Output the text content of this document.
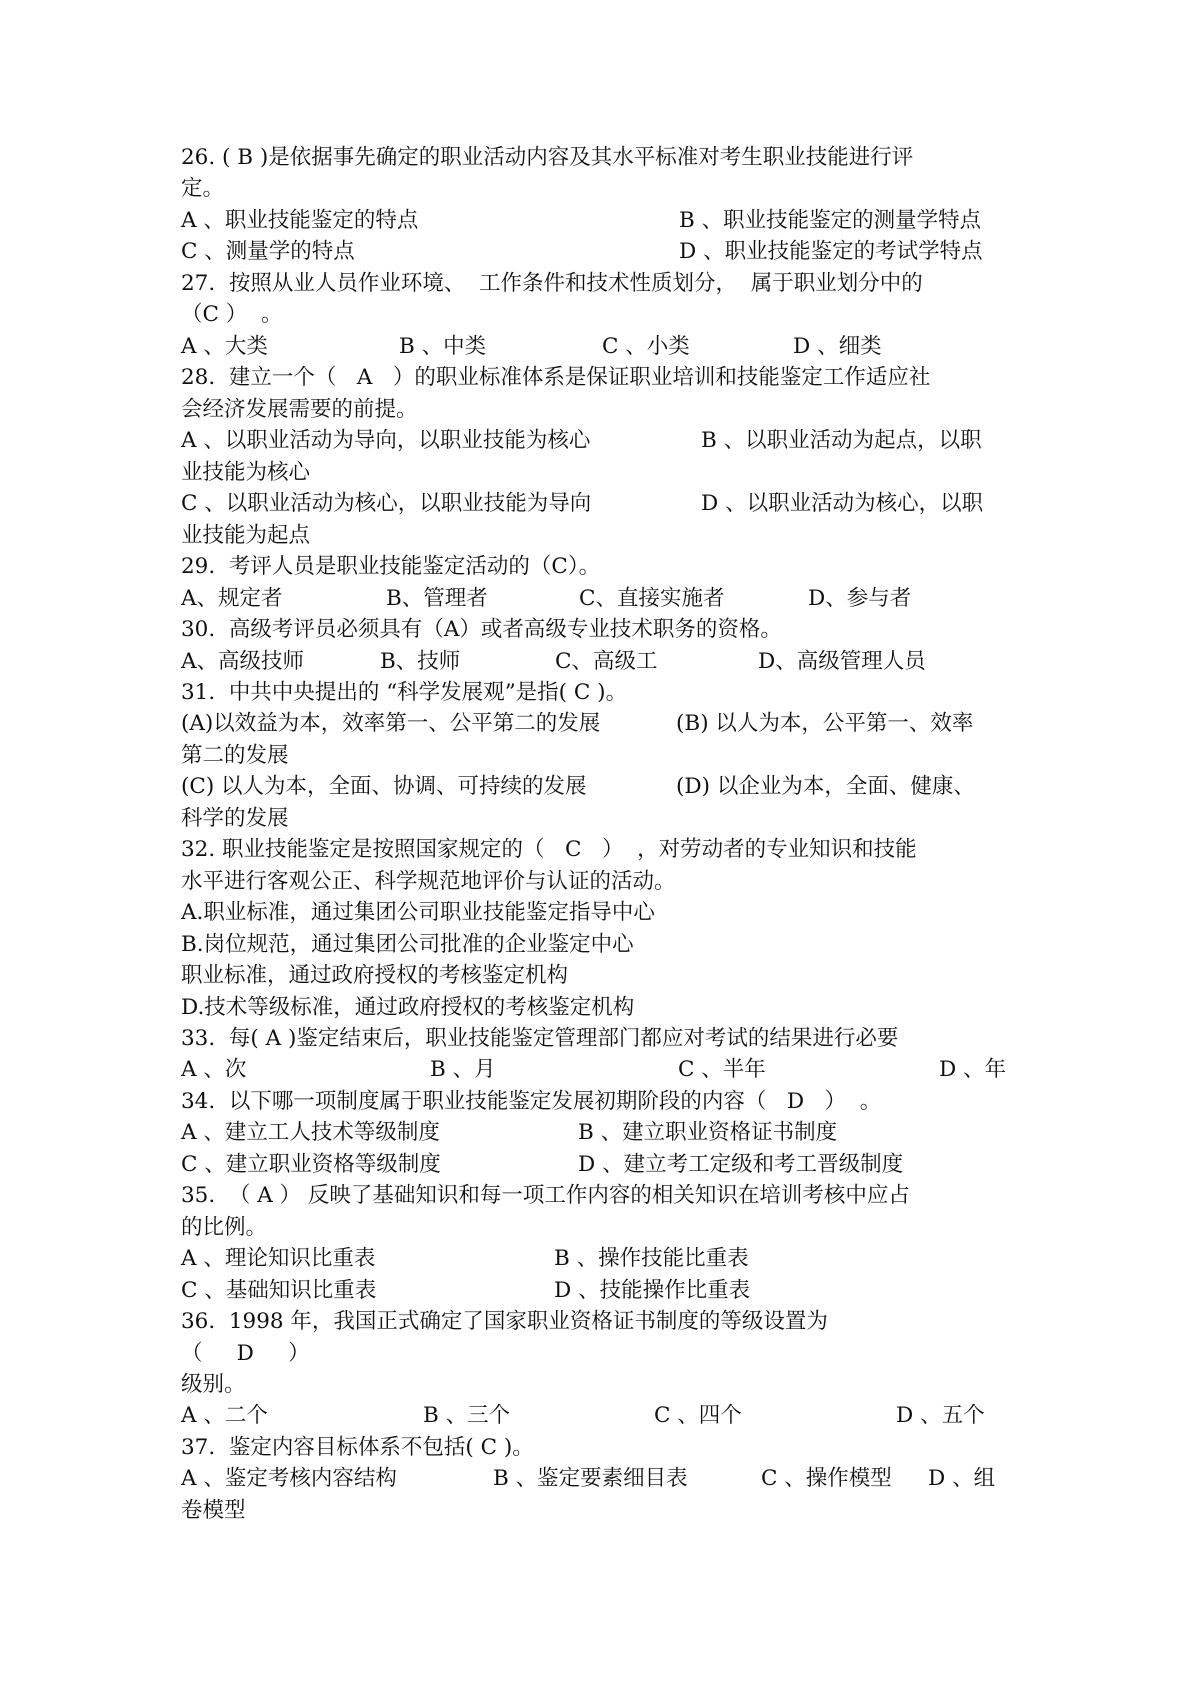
26. ( B )是依据事先确定的职业活动内容及其水平标准对考生职业技能进行评
定。

A 、职业技能鉴定的特点

	B 、职业技能鉴定的测量学特点

C 、测量学的特点

	D 、职业技能鉴定的考试学特点

27.  按照从业人员作业环境、  工作条件和技术性质划分，  属于职业划分中的
（C ）  。

A 、大类

	B 、中类

	C 、小类

	D 、细类

28.  建立一个（   A   ）的职业标准体系是保证职业培训和技能鉴定工作适应社
会经济发展需要的前提。

A 、以职业活动为导向，以职业技能为核心

	B 、以职业活动为起点，以职

业技能为核心

C 、以职业活动为核心，以职业技能为导向

	D 、以职业活动为核心，以职

业技能为起点
29.  考评人员是职业技能鉴定活动的（C）。

A、规定者

	B、管理者

	C、直接实施者

	D、参与者

30.  高级考评员必须具有（A）或者高级专业技术职务的资格。

A、高级技师

	B、技师

	C、高级工

	D、高级管理人员

31.  中共中央提出的 “科学发展观”是指( C )。

(A)以效益为本，效率第一、公平第二的发展

	(B) 以人为本，公平第一、效率

第二的发展

(C) 以人为本，全面、协调、可持续的发展

	(D) 以企业为本，全面、健康、

科学的发展
32. 职业技能鉴定是按照国家规定的（   C   ）  ，对劳动者的专业知识和技能
水平进行客观公正、科学规范地评价与认证的活动。
A.职业标准，通过集团公司职业技能鉴定指导中心
B.岗位规范，通过集团公司批准的企业鉴定中心
职业标准，通过政府授权的考核鉴定机构
D.技术等级标准，通过政府授权的考核鉴定机构
33.  每( A )鉴定结束后，职业技能鉴定管理部门都应对考试的结果进行必要

A 、次

	B 、月

	C 、半年

	D 、年

34.  以下哪一项制度属于职业技能鉴定发展初期阶段的内容（   D   ）  。

A 、建立工人技术等级制度

	B 、建立职业资格证书制度

C 、建立职业资格等级制度

	D 、建立考工定级和考工晋级制度

35.  （ A ） 反映了基础知识和每一项工作内容的相关知识在培训考核中应占
的比例。

A 、理论知识比重表

	B 、操作技能比重表

C 、基础知识比重表

	D 、技能操作比重表

36.  1998 年，我国正式确定了国家职业资格证书制度的等级设置为
（     D     ）
级别。

A 、二个

	B 、三个

	C 、四个

	D 、五个

37.  鉴定内容目标体系不包括( C )。

A 、鉴定考核内容结构

	B 、鉴定要素细目表

	C 、操作模型

D 、组

卷模型
